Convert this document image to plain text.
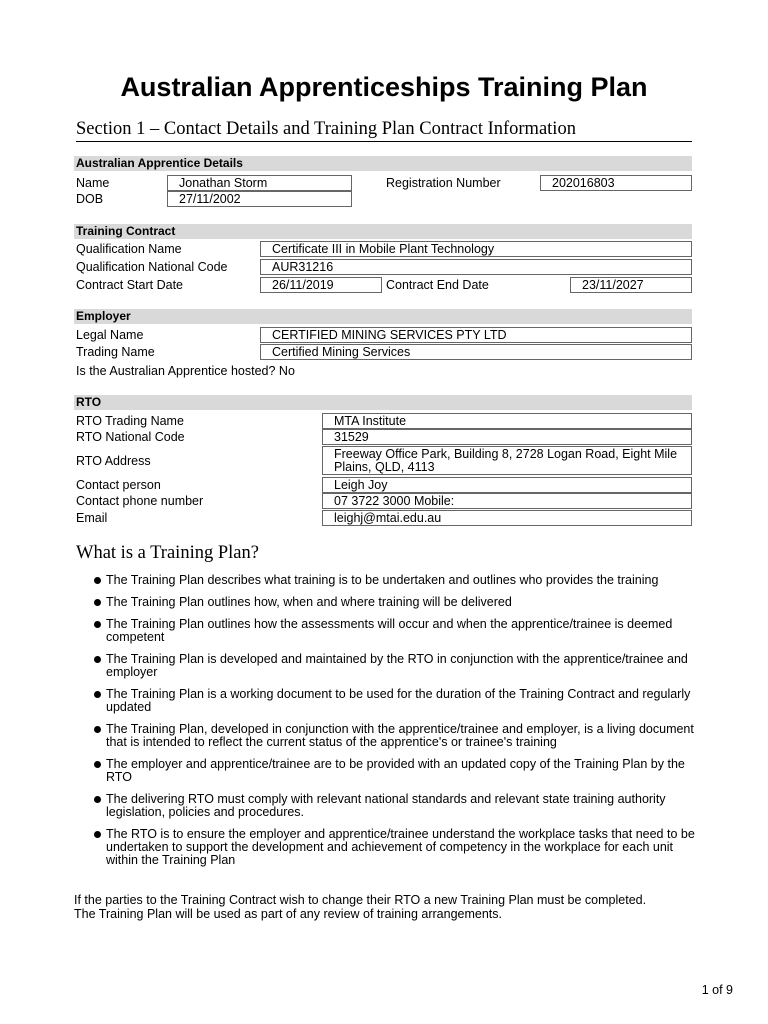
Australian Apprenticeships Training Plan
Section 1 – Contact Details and Training Plan Contract Information
Australian Apprentice Details
Name	Jonathan Storm	Registration Number	202016803
DOB	27/11/2002
Training Contract
Qualification Name	Certificate III in Mobile Plant Technology
Qualification National Code	AUR31216
Contract Start Date	26/11/2019	Contract End Date	23/11/2027
Employer
Legal Name	CERTIFIED MINING SERVICES PTY LTD
Trading Name	Certified Mining Services
Is the Australian Apprentice hosted? No
RTO
RTO Trading Name	MTA Institute
RTO National Code	31529
RTO Address	Freeway Office Park, Building 8, 2728 Logan Road, Eight Mile Plains, QLD, 4113
Contact person	Leigh Joy
Contact phone number	07 3722 3000 Mobile:
Email	leighj@mtai.edu.au
What is a Training Plan?
The Training Plan describes what training is to be undertaken and outlines who provides the training
The Training Plan outlines how, when and where training will be delivered
The Training Plan outlines how the assessments will occur and when the apprentice/trainee is deemed competent
The Training Plan is developed and maintained by the RTO in conjunction with the apprentice/trainee and employer
The Training Plan is a working document to be used for the duration of the Training Contract and regularly updated
The Training Plan, developed in conjunction with the apprentice/trainee and employer, is a living document that is intended to reflect the current status of the apprentice's or trainee's training
The employer and apprentice/trainee are to be provided with an updated copy of the Training Plan by the RTO
The delivering RTO must comply with relevant national standards and relevant state training authority legislation, policies and procedures.
The RTO is to ensure the employer and apprentice/trainee understand the workplace tasks that need to be undertaken to support the development and achievement of competency in the workplace for each unit within the Training Plan
If the parties to the Training Contract wish to change their RTO a new Training Plan must be completed.
The Training Plan will be used as part of any review of training arrangements.
1 of 9
